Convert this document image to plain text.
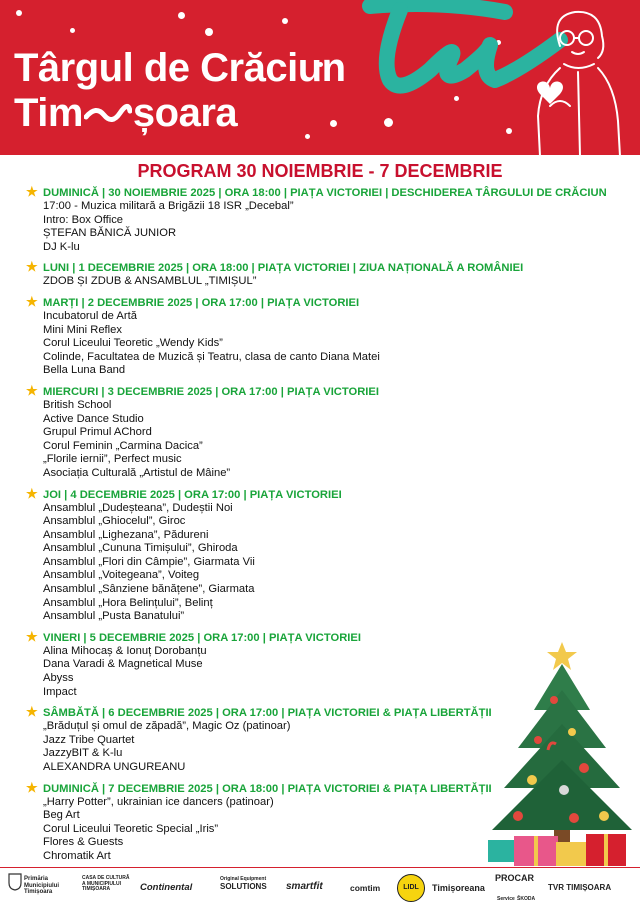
Târgul de Crăciun
Tim șoara
PROGRAM 30 NOIEMBRIE - 7 DECEMBRIE
★ DUMINICĂ | 30 NOIEMBRIE 2025 | ORA 18:00 | PIAȚA VICTORIEI | DESCHIDEREA TÂRGULUI DE CRĂCIUN
17:00 - Muzica militară a Brigăzii 18 ISR „Decebal”
Intro: Box Office
ȘTEFAN BĂNICĂ JUNIOR
DJ K-lu
★ LUNI | 1 DECEMBRIE 2025 | ORA 18:00 | PIAȚA VICTORIEI | ZIUA NAȚIONALĂ A ROMÂNIEI
ZDOB ȘI ZDUB & ANSAMBLUL „TIMIȘUL”
★ MARȚI | 2 DECEMBRIE 2025 | ORA 17:00 | PIAȚA VICTORIEI
Incubatorul de Artă
Mini Mini Reflex
Corul Liceului Teoretic „Wendy Kids”
Colinde, Facultatea de Muzică și Teatru, clasa de canto Diana Matei
Bella Luna Band
★ MIERCURI | 3 DECEMBRIE 2025 | ORA 17:00 | PIAȚA VICTORIEI
British School
Active Dance Studio
Grupul Primul AChord
Corul Feminin „Carmina Dacica”
„Florile iernii”, Perfect music
Asociația Culturală „Artistul de Mâine”
★ JOI | 4 DECEMBRIE 2025 | ORA 17:00 | PIAȚA VICTORIEI
Ansamblul „Dudeșteana”, Dudeștii Noi
Ansamblul „Ghiocelul”, Giroc
Ansamblul „Lighezana”, Pădureni
Ansamblul „Cununa Timișului”, Ghiroda
Ansamblul „Flori din Câmpie”, Giarmata Vii
Ansamblul „Voitegeana”, Voiteg
Ansamblul „Sânziene bănățene”, Giarmata
Ansamblul „Hora Belințului”, Belinț
Ansamblul „Pusta Banatului”
★ VINERI | 5 DECEMBRIE 2025 | ORA 17:00 | PIAȚA VICTORIEI
Alina Mihocaș & Ionuț Dorobanțu
Dana Varadi & Magnetical Muse
Abyss
Impact
★ SÂMBĂTĂ | 6 DECEMBRIE 2025 | ORA 17:00 | PIAȚA VICTORIEI & PIAȚA LIBERTĂȚII
„Brăduțul și omul de zăpadă”, Magic Oz (patinoar)
Jazz Tribe Quartet
JazzyBIT & K-lu
ALEXANDRA UNGUREANU
★ DUMINICĂ | 7 DECEMBRIE 2025 | ORA 18:00 | PIAȚA VICTORIEI & PIAȚA LIBERTĂȚII
„Harry Potter”, ukrainian ice dancers (patinoar)
Beg Art
Corul Liceului Teoretic Special „Iris”
Flores & Guests
Chromatik Art
Primăria Municipiului Timișoara
CASA DE CULTURĂ A MUNICIPIULUI TIMIȘOARA	Continental
Original Equipment
SOLUTIONS smartfit	comtim	LIDL	Timișoreana
PROCAR
Service ŠKODA
TVR TIMIȘOARA
